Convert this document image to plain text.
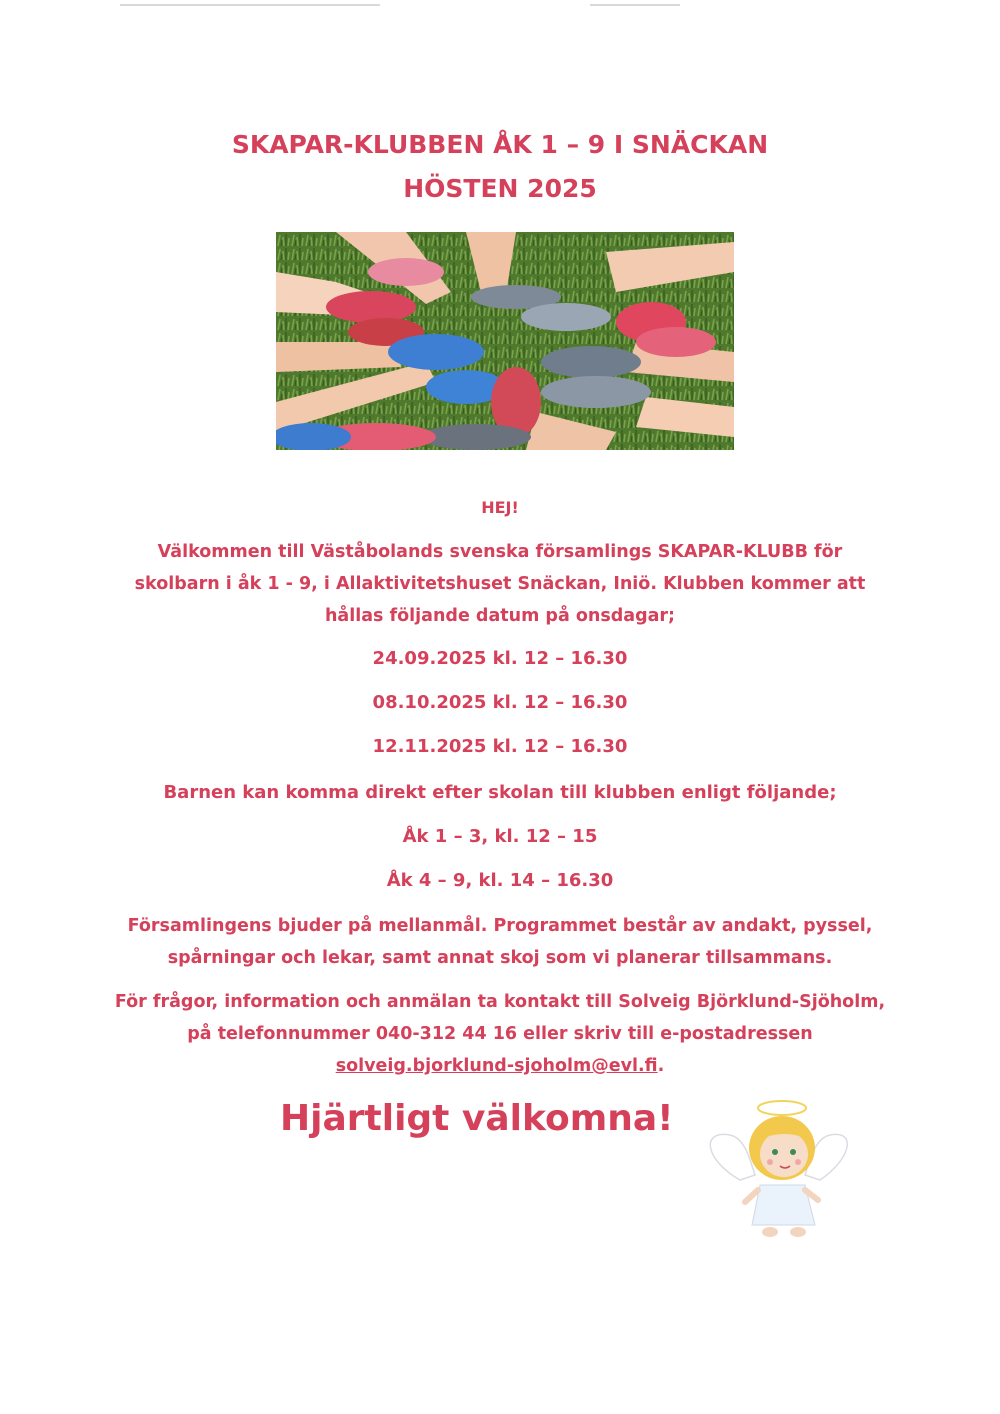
SKAPAR-KLUBBEN ÅK 1 – 9 I SNÄCKAN
HÖSTEN 2025
HEJ!
Välkommen till Väståbolands svenska församlings SKAPAR-KLUBB för
skolbarn i åk 1 - 9, i Allaktivitetshuset Snäckan, Iniö. Klubben kommer att
hållas följande datum på onsdagar;
24.09.2025 kl. 12 – 16.30
08.10.2025 kl. 12 – 16.30
12.11.2025 kl. 12 – 16.30
Barnen kan komma direkt efter skolan till klubben enligt följande;
Åk 1 – 3, kl. 12 – 15
Åk 4 – 9, kl. 14 – 16.30
Församlingens bjuder på mellanmål. Programmet består av andakt, pyssel,
spårningar och lekar, samt annat skoj som vi planerar tillsammans.
För frågor, information och anmälan ta kontakt till Solveig Björklund-Sjöholm,
på telefonnummer 040-312 44 16 eller skriv till e-postadressen
solveig.bjorklund-sjoholm@evl.fi.
Hjärtligt välkomna!
